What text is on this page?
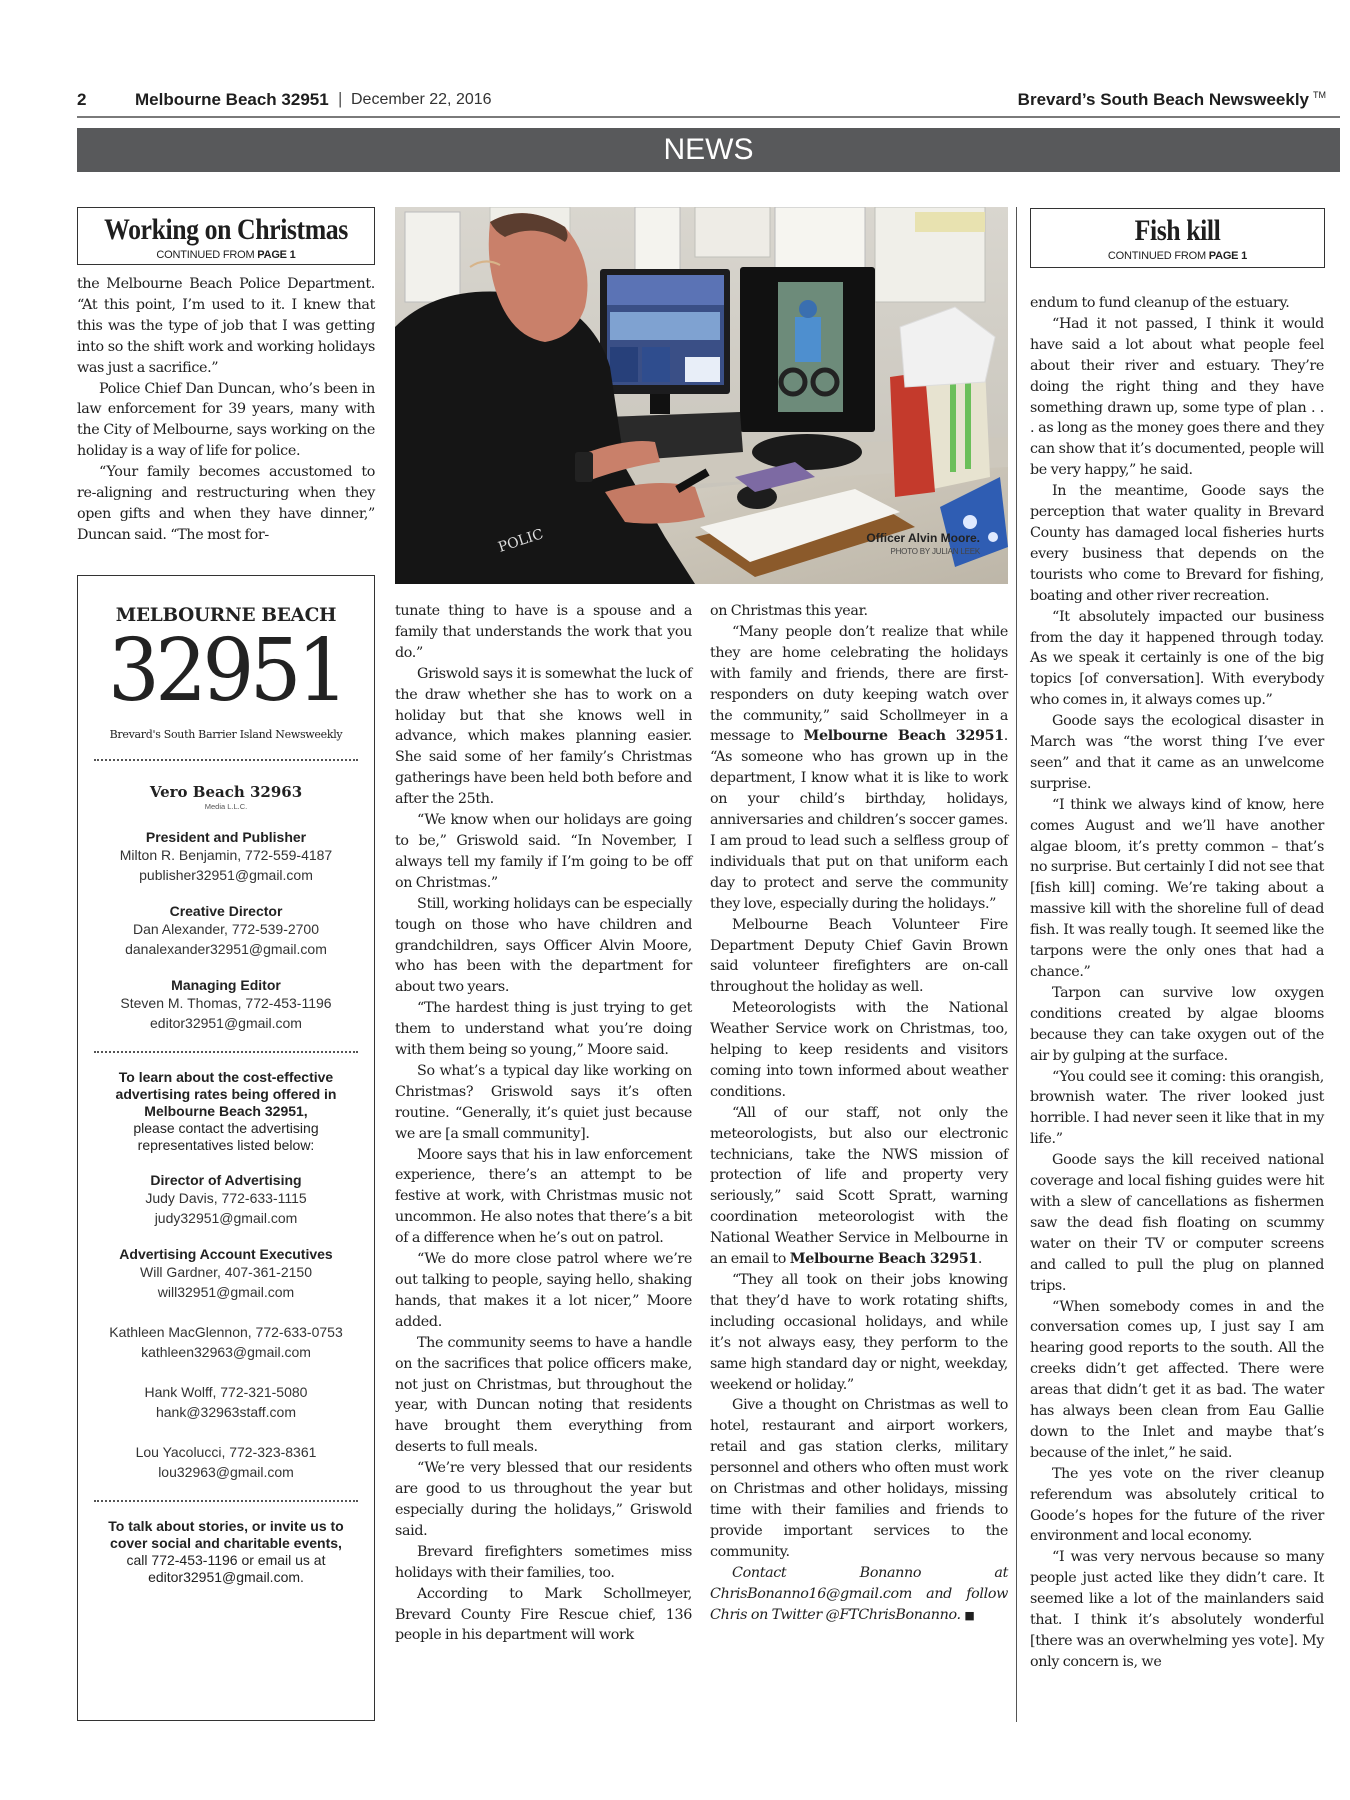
2	Melbourne Beach 32951 | December 22, 2016	Brevard’s South Beach Newsweekly ™
NEWS
Working on Christmas
CONTINUED FROM PAGE 1

the Melbourne Beach Police Department. “At this point, I’m used to it. I knew that this was the type of job that I was getting into so the shift work and working holidays was just a sacrifice.”

Police Chief Dan Duncan, who’s been in law enforcement for 39 years, many with the City of Melbourne, says working on the holiday is a way of life for police.

“Your family becomes accustomed to re-aligning and restructuring when they open gifts and when they have dinner,” Duncan said. “The most for-	POLIC	Officer Alvin Moore.
PHOTO BY JULIAN LEEK

tunate thing to have is a spouse and a family that understands the work that you do.”

Griswold says it is somewhat the luck of the draw whether she has to work on a holiday but that she knows well in advance, which makes planning easier. She said some of her family’s Christmas gatherings have been held both before and after the 25th.

“We know when our holidays are going to be,” Griswold said. “In November, I always tell my family if I’m going to be off on Christmas.”

Still, working holidays can be especially tough on those who have children and grandchildren, says Officer Alvin Moore, who has been with the department for about two years.

“The hardest thing is just trying to get them to understand what you’re doing with them being so young,” Moore said.

So what’s a typical day like working on Christmas? Griswold says it’s often routine. “Generally, it’s quiet just because we are [a small community].

Moore says that his in law enforcement experience, there’s an attempt to be festive at work, with Christmas music not uncommon. He also notes that there’s a bit of a difference when he’s out on patrol.

“We do more close patrol where we’re out talking to people, saying hello, shaking hands, that makes it a lot nicer,” Moore added.

The community seems to have a handle on the sacrifices that police officers make, not just on Christmas, but throughout the year, with Duncan noting that residents have brought them everything from deserts to full meals.

“We’re very blessed that our residents are good to us throughout the year but especially during the holidays,” Griswold said.

Brevard firefighters sometimes miss holidays with their families, too.

According to Mark Schollmeyer, Brevard County Fire Rescue chief, 136 people in his department will work

on Christmas this year.

“Many people don’t realize that while they are home celebrating the holidays with family and friends, there are first-responders on duty keeping watch over the community,” said Schollmeyer in a message to Melbourne Beach 32951. “As someone who has grown up in the department, I know what it is like to work on your child’s birthday, holidays, anniversaries and children’s soccer games. I am proud to lead such a selfless group of individuals that put on that uniform each day to protect and serve the community they love, especially during the holidays.”

Melbourne Beach Volunteer Fire Department Deputy Chief Gavin Brown said volunteer firefighters are on-call throughout the holiday as well.

Meteorologists with the National Weather Service work on Christmas, too, helping to keep residents and visitors coming into town informed about weather conditions.

“All of our staff, not only the meteorologists, but also our electronic technicians, take the NWS mission of protection of life and property very seriously,” said Scott Spratt, warning coordination meteorologist with the National Weather Service in Melbourne in an email to Melbourne Beach 32951.

“They all took on their jobs knowing that they’d have to work rotating shifts, including occasional holidays, and while it’s not always easy, they perform to the same high standard day or night, weekday, weekend or holiday.”

Give a thought on Christmas as well to hotel, restaurant and airport workers, retail and gas station clerks, military personnel and others who often must work on Christmas and other holidays, missing time with their families and friends to provide important services to the community.

Contact Bonanno at ChrisBonanno16@gmail.com and follow Chris on Twitter @FTChrisBonanno. ■

Fish kill
CONTINUED FROM PAGE 1

endum to fund cleanup of the estuary.

“Had it not passed, I think it would have said a lot about what people feel about their river and estuary. They’re doing the right thing and they have something drawn up, some type of plan . . . as long as the money goes there and they can show that it’s documented, people will be very happy,” he said.

In the meantime, Goode says the perception that water quality in Brevard County has damaged local fisheries hurts every business that depends on the tourists who come to Brevard for fishing, boating and other river recreation.

“It absolutely impacted our business from the day it happened through today. As we speak it certainly is one of the big topics [of conversation]. With everybody who comes in, it always comes up.”

Goode says the ecological disaster in March was “the worst thing I’ve ever seen” and that it came as an unwelcome surprise.

“I think we always kind of know, here comes August and we’ll have another algae bloom, it’s pretty common – that’s no surprise. But certainly I did not see that [fish kill] coming. We’re taking about a massive kill with the shoreline full of dead fish. It was really tough. It seemed like the tarpons were the only ones that had a chance.”

Tarpon can survive low oxygen conditions created by algae blooms because they can take oxygen out of the air by gulping at the surface.

“You could see it coming: this orangish, brownish water. The river looked just horrible. I had never seen it like that in my life.”

Goode says the kill received national coverage and local fishing guides were hit with a slew of cancellations as fishermen saw the dead fish floating on scummy water on their TV or computer screens and called to pull the plug on planned trips.

“When somebody comes in and the conversation comes up, I just say I am hearing good reports to the south. All the creeks didn’t get affected. There were areas that didn’t get it as bad. The water has always been clean from Eau Gallie down to the Inlet and maybe that’s because of the inlet,” he said.

The yes vote on the river cleanup referendum was absolutely critical to Goode’s hopes for the future of the river environment and local economy.

“I was very nervous because so many people just acted like they didn’t care. It seemed like a lot of the mainlanders said that. I think it’s absolutely wonderful [there was an overwhelming yes vote]. My only concern is, we

MELBOURNE BEACH
32951
Brevard's South Barrier Island Newsweekly
Vero Beach 32963
Media L.L.C.
President and Publisher
Milton R. Benjamin, 772-559-4187
publisher32951@gmail.com
Creative Director
Dan Alexander, 772-539-2700
danalexander32951@gmail.com
Managing Editor
Steven M. Thomas, 772-453-1196
editor32951@gmail.com
To learn about the cost-effective advertising rates being offered in Melbourne Beach 32951,
please contact the advertising representatives listed below:
Director of Advertising
Judy Davis, 772-633-1115
judy32951@gmail.com
Advertising Account Executives
Will Gardner, 407-361-2150
will32951@gmail.com
Kathleen MacGlennon, 772-633-0753
kathleen32963@gmail.com
Hank Wolff, 772-321-5080
hank@32963staff.com
Lou Yacolucci, 772-323-8361
lou32963@gmail.com
To talk about stories, or invite us to cover social and charitable events,
call 772-453-1196 or email us at
editor32951@gmail.com.
